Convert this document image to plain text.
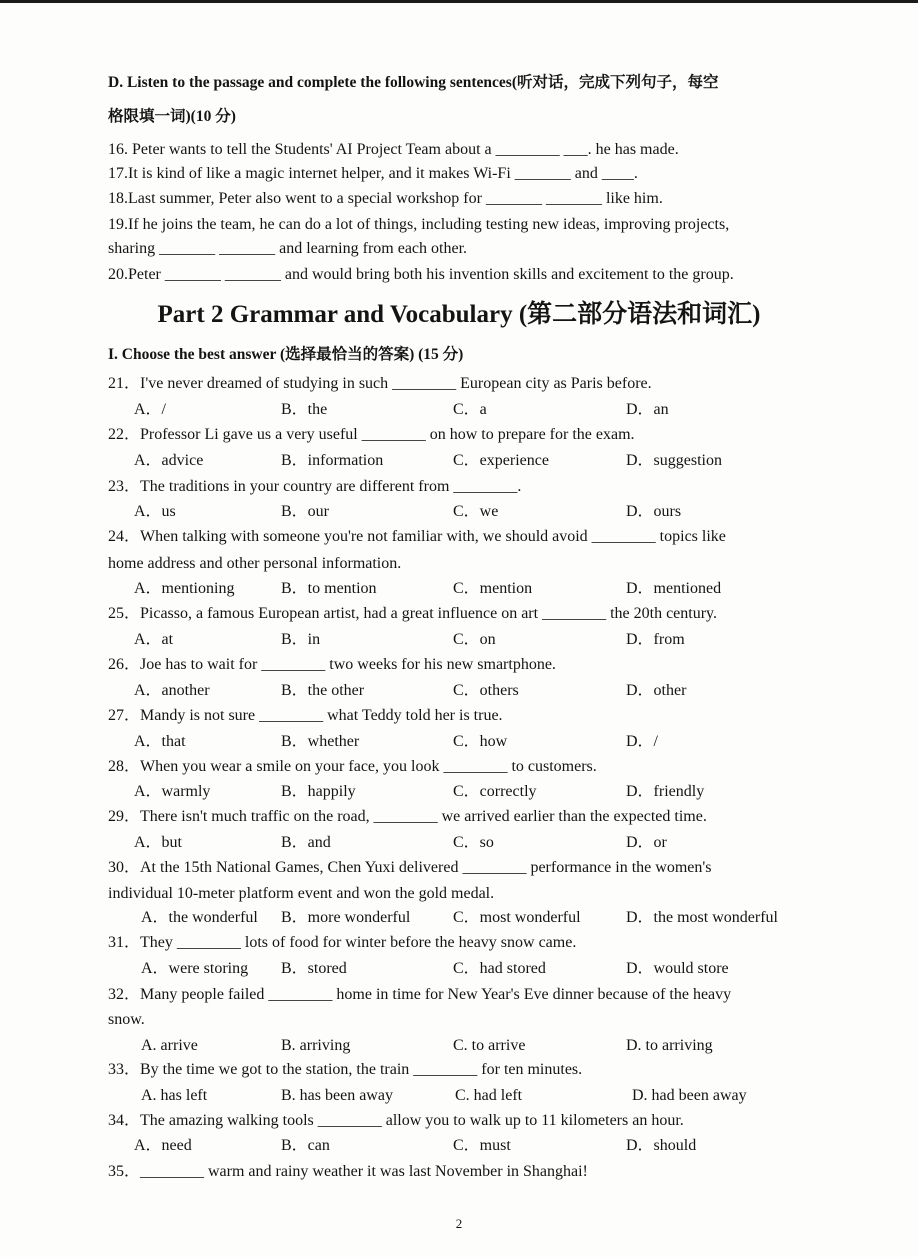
D. Listen to the passage and complete the following sentences(听对话，完成下列句子，每空
格限填一词)(10 分)
16. Peter wants to tell the Students' AI Project Team about a ________ ___. he has made.
17.It is kind of like a magic internet helper, and it makes Wi-Fi _______ and ____.
18.Last summer, Peter also went to a special workshop for _______ _______ like him.
19.If he joins the team, he can do a lot of things, including testing new ideas, improving projects,
sharing _______ _______ and learning from each other.
20.Peter _______ _______ and would bring both his invention skills and excitement to the group.
Part 2 Grammar and Vocabulary (第二部分语法和词汇)
I. Choose the best answer (选择最恰当的答案) (15 分)
21．I've never dreamed of studying in such ________ European city as Paris before.
A．/	B．the	C．a	D．an
22．Professor Li gave us a very useful ________ on how to prepare for the exam.
A．advice	B．information	C．experience	D．suggestion
23．The traditions in your country are different from ________.
A．us	B．our	C．we	D．ours
24．When talking with someone you're not familiar with, we should avoid ________ topics like
home address and other personal information.
A．mentioning	B．to mention	C．mention	D．mentioned
25．Picasso, a famous European artist, had a great influence on art ________ the 20th century.
A．at	B．in	C．on	D．from
26．Joe has to wait for ________ two weeks for his new smartphone.
A．another	B．the other	C．others	D．other
27．Mandy is not sure ________ what Teddy told her is true.
A．that	B．whether	C．how	D．/
28．When you wear a smile on your face, you look ________ to customers.
A．warmly	B．happily	C．correctly	D．friendly
29．There isn't much traffic on the road, ________ we arrived earlier than the expected time.
A．but	B．and	C．so	D．or
30．At the 15th National Games, Chen Yuxi delivered ________ performance in the women's
individual 10-meter platform event and won the gold medal.
A．the wonderful B．more wonderful	C．most wonderful	D．the most wonderful
31．They ________ lots of food for winter before the heavy snow came.
A．were storing B．stored	C．had stored	D．would store
32．Many people failed ________ home in time for New Year's Eve dinner because of the heavy
snow.
A. arrive	B. arriving	C. to arrive	D. to arriving
33．By the time we got to the station, the train ________ for ten minutes.
A. has left	B. has been away	C. had left	D. had been away
34．The amazing walking tools ________ allow you to walk up to 11 kilometers an hour.
A．need	B．can	C．must	D．should
35．________ warm and rainy weather it was last November in Shanghai!
2
